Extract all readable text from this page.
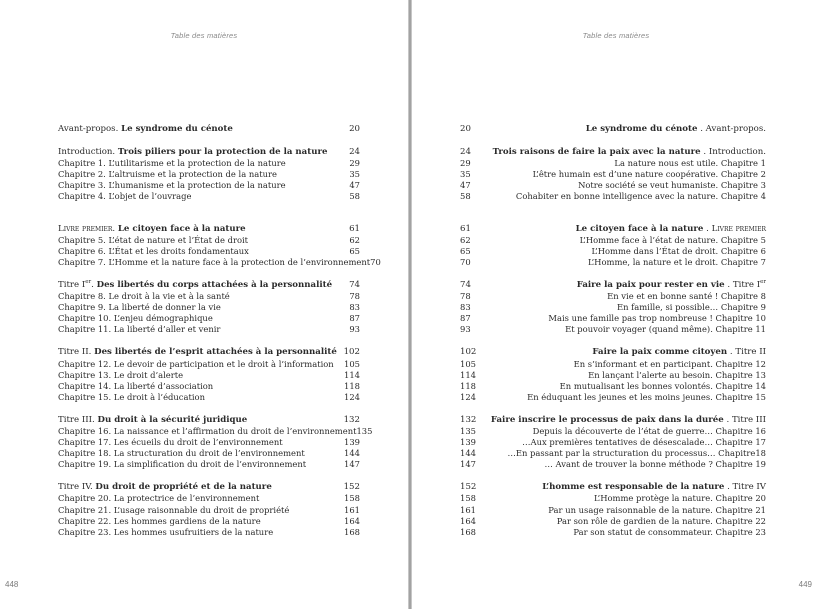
Table des matières
Avant-propos. Le syndrome du cénote	20
Introduction. Trois piliers pour la protection de la nature	24
Chapitre 1. L’utilitarisme et la protection de la nature	29
Chapitre 2. L’altruisme et la protection de la nature	35
Chapitre 3. L’humanisme et la protection de la nature	47
Chapitre 4. L’objet de l’ouvrage	58
Livre premier. Le citoyen face à la nature	61
Chapitre 5. L’état de nature et l’État de droit	62
Chapitre 6. L’État et les droits fondamentaux	65
Chapitre 7. L’Homme et la nature face à la protection de l’environnement 70
Titre Ier. Des libertés du corps attachées à la personnalité	74
Chapitre 8. Le droit à la vie et à la santé	78
Chapitre 9. La liberté de donner la vie	83
Chapitre 10. L’enjeu démographique	87
Chapitre 11. La liberté d’aller et venir	93
Titre II. Des libertés de l’esprit attachées à la personnalité 102
Chapitre 12. Le devoir de participation et le droit à l’information	105
Chapitre 13. Le droit d’alerte	114
Chapitre 14. La liberté d’association	118
Chapitre 15. Le droit à l’éducation	124
Titre III. Du droit à la sécurité juridique	132
Chapitre 16. La naissance et l’affirmation du droit de l’environnement 135
Chapitre 17. Les écueils du droit de l’environnement	139
Chapitre 18. La structuration du droit de l’environnement	144
Chapitre 19. La simplification du droit de l’environnement	147
Titre IV. Du droit de propriété et de la nature	152
Chapitre 20. La protectrice de l’environnement	158
Chapitre 21. L’usage raisonnable du droit de propriété	161
Chapitre 22. Les hommes gardiens de la nature	164
Chapitre 23. Les hommes usufruitiers de la nature	168
448
Table des matières
20	Le syndrome du cénote . Avant-propos.
24	Trois raisons de faire la paix avec la nature . Introduction.
29	La nature nous est utile. Chapitre 1
35	L’être humain est d’une nature coopérative. Chapitre 2
47	Notre société se veut humaniste. Chapitre 3
58	Cohabiter en bonne intelligence avec la nature. Chapitre 4
61	Le citoyen face à la nature . Livre premier
62	L’Homme face à l’état de nature. Chapitre 5
65	L’Homme dans l’État de droit. Chapitre 6
70	L’Homme, la nature et le droit. Chapitre 7
74	Faire la paix pour rester en vie . Titre Ier
78	En vie et en bonne santé ! Chapitre 8
83	En famille, si possible… Chapitre 9
87	Mais une famille pas trop nombreuse ! Chapitre 10
93	Et pouvoir voyager (quand même). Chapitre 11
102	Faire la paix comme citoyen . Titre II
105	En s’informant et en participant. Chapitre 12
114	En lançant l’alerte au besoin. Chapitre 13
118	En mutualisant les bonnes volontés. Chapitre 14
124	En éduquant les jeunes et les moins jeunes. Chapitre 15
132	Faire inscrire le processus de paix dans la durée . Titre III
135	Depuis la découverte de l’état de guerre… Chapitre 16
139	…Aux premières tentatives de désescalade… Chapitre 17
144	…En passant par la structuration du processus… Chapitre18
147	… Avant de trouver la bonne méthode ? Chapitre 19
152	L’homme est responsable de la nature . Titre IV
158	L’Homme protège la nature. Chapitre 20
161	Par un usage raisonnable de la nature. Chapitre 21
164	Par son rôle de gardien de la nature. Chapitre 22
168	Par son statut de consommateur. Chapitre 23
449
